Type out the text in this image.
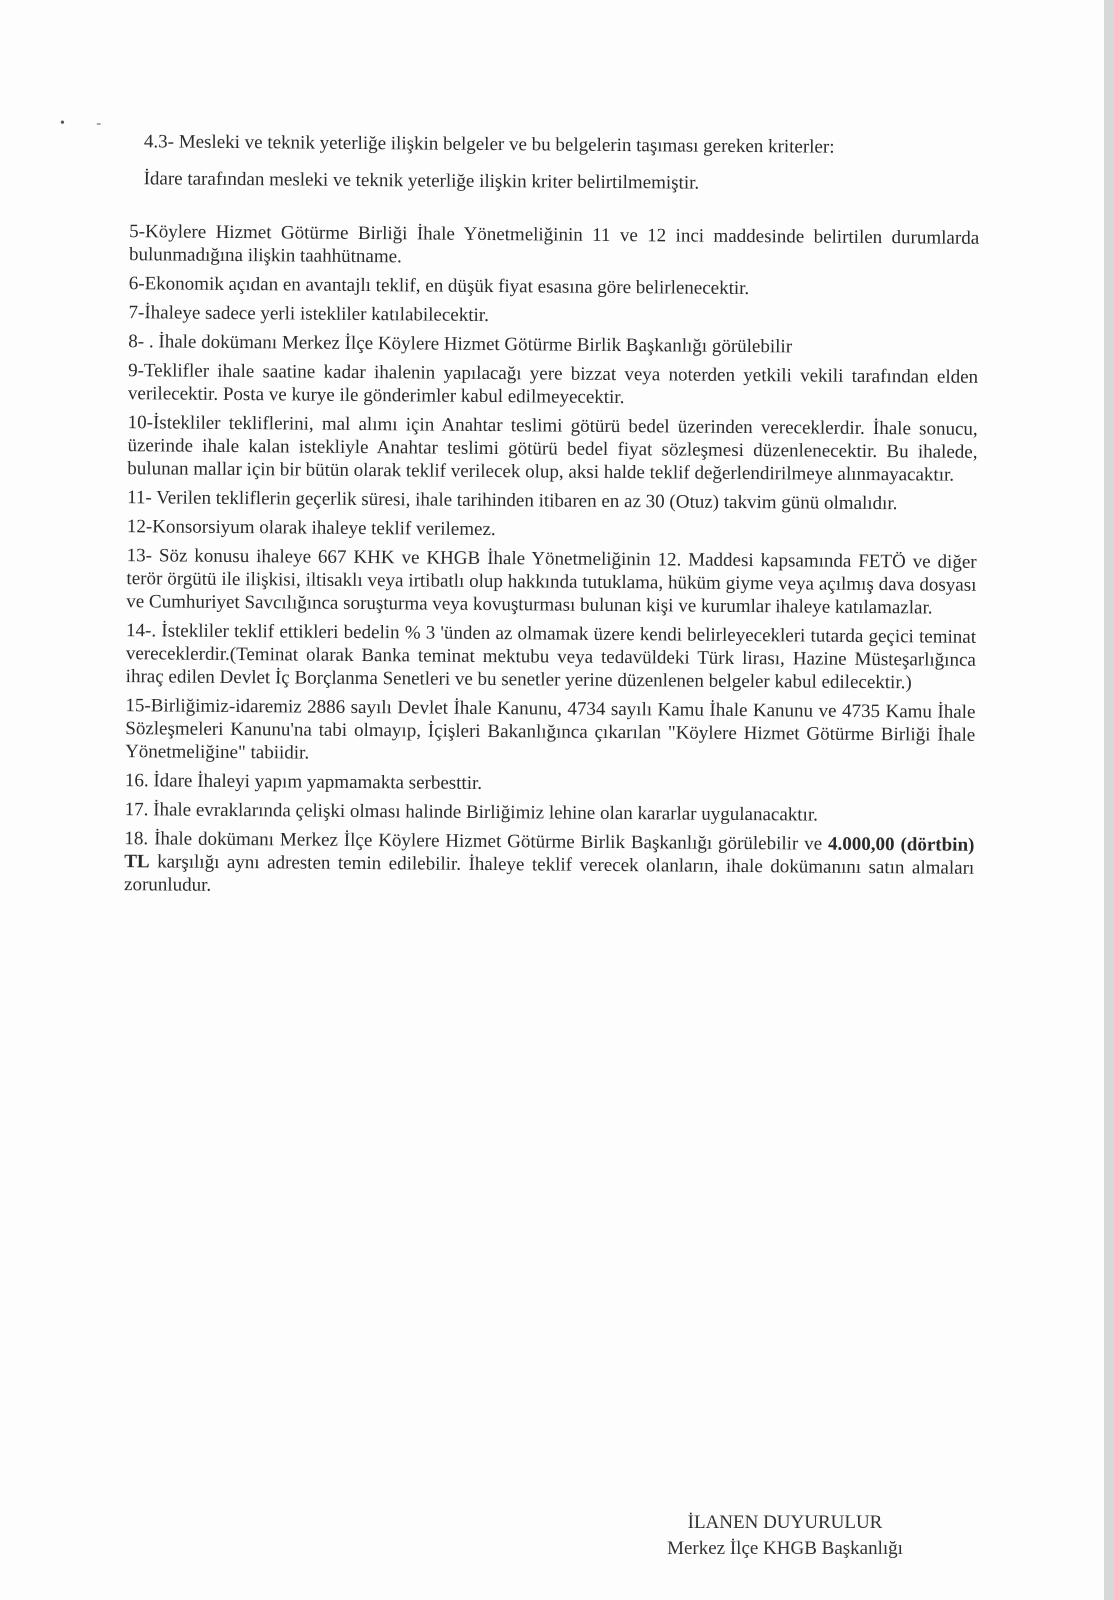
• ‑

4.3- Mesleki ve teknik yeterliğe ilişkin belgeler ve bu belgelerin taşıması gereken kriterler:

İdare tarafından mesleki ve teknik yeterliğe ilişkin kriter belirtilmemiştir.

5-Köylere Hizmet Götürme Birliği İhale Yönetmeliğinin 11 ve 12 inci maddesinde belirtilen durumlarda bulunmadığına ilişkin taahhütname.

6-Ekonomik açıdan en avantajlı teklif, en düşük fiyat esasına göre belirlenecektir.

7-İhaleye sadece yerli istekliler katılabilecektir.

8- . İhale dokümanı Merkez İlçe Köylere Hizmet Götürme Birlik Başkanlığı görülebilir

9-Teklifler ihale saatine kadar ihalenin yapılacağı yere bizzat veya noterden yetkili vekili tarafından elden verilecektir. Posta ve kurye ile gönderimler kabul edilmeyecektir.

10-İstekliler tekliflerini, mal alımı için Anahtar teslimi götürü bedel üzerinden vereceklerdir. İhale sonucu, üzerinde ihale kalan istekliyle Anahtar teslimi götürü bedel fiyat sözleşmesi düzenlenecektir. Bu ihalede, bulunan mallar için bir bütün olarak teklif verilecek olup, aksi halde teklif değerlendirilmeye alınmayacaktır.

11- Verilen tekliflerin geçerlik süresi, ihale tarihinden itibaren en az 30 (Otuz) takvim günü olmalıdır.

12-Konsorsiyum olarak ihaleye teklif verilemez.

13- Söz konusu ihaleye 667 KHK ve KHGB İhale Yönetmeliğinin 12. Maddesi kapsamında FETÖ ve diğer terör örgütü ile ilişkisi, iltisaklı veya irtibatlı olup hakkında tutuklama, hüküm giyme veya açılmış dava dosyası ve Cumhuriyet Savcılığınca soruşturma veya kovuşturması bulunan kişi ve kurumlar ihaleye katılamazlar.

14-. İstekliler teklif ettikleri bedelin % 3 'ünden az olmamak üzere kendi belirleyecekleri tutarda geçici teminat vereceklerdir.(Teminat olarak Banka teminat mektubu veya tedavüldeki Türk lirası, Hazine Müsteşarlığınca ihraç edilen Devlet İç Borçlanma Senetleri ve bu senetler yerine düzenlenen belgeler kabul edilecektir.)

15-Birliğimiz-idaremiz 2886 sayılı Devlet İhale Kanunu, 4734 sayılı Kamu İhale Kanunu ve 4735 Kamu İhale Sözleşmeleri Kanunu'na tabi olmayıp, İçişleri Bakanlığınca çıkarılan "Köylere Hizmet Götürme Birliği İhale Yönetmeliğine" tabiidir.

16. İdare İhaleyi yapım yapmamakta serbesttir.

17. İhale evraklarında çelişki olması halinde Birliğimiz lehine olan kararlar uygulanacaktır.

18. İhale dokümanı Merkez İlçe Köylere Hizmet Götürme Birlik Başkanlığı görülebilir ve 4.000,00 (dörtbin) TL karşılığı aynı adresten temin edilebilir. İhaleye teklif verecek olanların, ihale dokümanını satın almaları zorunludur.

İLANEN DUYURULUR
Merkez İlçe KHGB Başkanlığı
